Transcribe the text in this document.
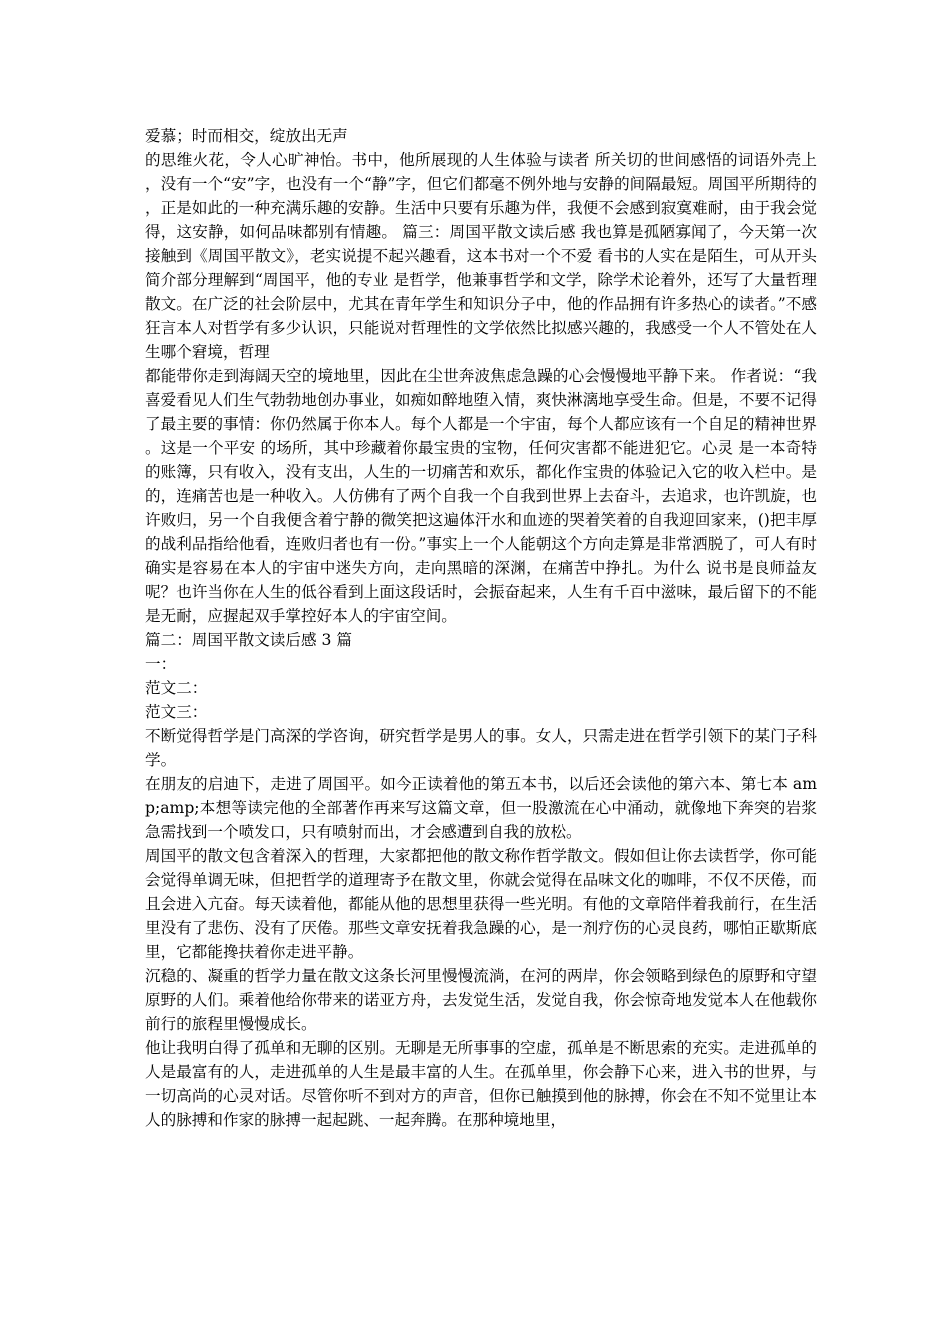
爱慕；时而相交，绽放出无声

的思维火花，令人心旷神怡。书中，他所展现的人生体验与读者 所关切的世间感悟的词语外壳上，没有一个“安”字，也没有一个“静”字，但它们都毫不例外地与安静的间隔最短。周国平所期待的，正是如此的一种充满乐趣的安静。生活中只要有乐趣为伴，我便不会感到寂寞难耐，由于我会觉得，这安静，如何品味都别有情趣。 篇三：周国平散文读后感 我也算是孤陋寡闻了，今天第一次接触到《周国平散文》，老实说提不起兴趣看，这本书对一个不爱 看书的人实在是陌生，可从开头简介部分理解到“周国平，他的专业 是哲学，他兼事哲学和文学，除学术论着外，还写了大量哲理散文。在广泛的社会阶层中，尤其在青年学生和知识分子中，他的作品拥有许多热心的读者。”不感狂言本人对哲学有多少认识，只能说对哲理性的文学依然比拟感兴趣的，我感受一个人不管处在人生哪个窘境，哲理

都能带你走到海阔天空的境地里，因此在尘世奔波焦虑急躁的心会慢慢地平静下来。 作者说：“我喜爱看见人们生气勃勃地创办事业，如痴如醉地堕入情，爽快淋漓地享受生命。但是，不要不记得了最主要的事情：你仍然属于你本人。每个人都是一个宇宙，每个人都应该有一个自足的精神世界。这是一个平安 的场所，其中珍藏着你最宝贵的宝物，任何灾害都不能进犯它。心灵 是一本奇特的账簿，只有收入，没有支出，人生的一切痛苦和欢乐，都化作宝贵的体验记入它的收入栏中。是的，连痛苦也是一种收入。人仿佛有了两个自我一个自我到世界上去奋斗，去追求，也许凯旋，也许败归，另一个自我便含着宁静的微笑把这遍体汗水和血迹的哭着笑着的自我迎回家来，()把丰厚的战利品指给他看，连败归者也有一份。”事实上一个人能朝这个方向走算是非常洒脱了，可人有时确实是容易在本人的宇宙中迷失方向，走向黑暗的深渊，在痛苦中挣扎。为什么 说书是良师益友呢？也许当你在人生的低谷看到上面这段话时，会振奋起来，人生有千百中滋味，最后留下的不能是无耐，应握起双手掌控好本人的宇宙空间。

篇二：周国平散文读后感 3 篇

一：

范文二：

范文三：

不断觉得哲学是门高深的学咨询，研究哲学是男人的事。女人，只需走进在哲学引领下的某门子科学。

在朋友的启迪下，走进了周国平。如今正读着他的第五本书，以后还会读他的第六本、第七本 amp;amp;本想等读完他的全部著作再来写这篇文章，但一股激流在心中涌动，就像地下奔突的岩浆急需找到一个喷发口，只有喷射而出，才会感遭到自我的放松。

周国平的散文包含着深入的哲理，大家都把他的散文称作哲学散文。假如但让你去读哲学，你可能会觉得单调无味，但把哲学的道理寄予在散文里，你就会觉得在品味文化的咖啡，不仅不厌倦，而且会进入亢奋。每天读着他，都能从他的思想里获得一些光明。有他的文章陪伴着我前行，在生活里没有了悲伤、没有了厌倦。那些文章安抚着我急躁的心，是一剂疗伤的心灵良药，哪怕正歇斯底里，它都能搀扶着你走进平静。

沉稳的、凝重的哲学力量在散文这条长河里慢慢流淌，在河的两岸，你会领略到绿色的原野和守望原野的人们。乘着他给你带来的诺亚方舟，去发觉生活，发觉自我，你会惊奇地发觉本人在他载你前行的旅程里慢慢成长。

他让我明白得了孤单和无聊的区别。无聊是无所事事的空虚，孤单是不断思索的充实。走进孤单的人是最富有的人，走进孤单的人生是最丰富的人生。在孤单里，你会静下心来，进入书的世界，与一切高尚的心灵对话。尽管你听不到对方的声音，但你已触摸到他的脉搏，你会在不知不觉里让本人的脉搏和作家的脉搏一起起跳、一起奔腾。在那种境地里，
